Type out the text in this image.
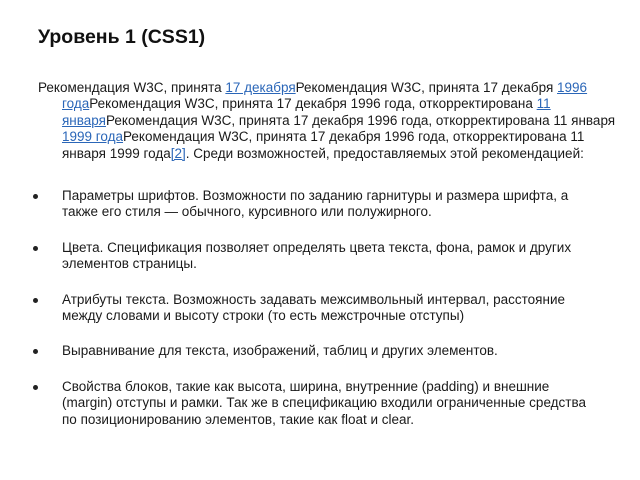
Уровень 1 (CSS1)

Рекомендация W3C, принята 17 декабряРекомендация W3C, принята 17 декабря 1996 годаРекомендация W3C, принята 17 декабря 1996 года, откорректирована 11 январяРекомендация W3C, принята 17 декабря 1996 года, откорректирована 11 января 1999 годаРекомендация W3C, принята 17 декабря 1996 года, откорректирована 11 января 1999 года[2]. Среди возможностей, предоставляемых этой рекомендацией:

Параметры шрифтов. Возможности по заданию гарнитуры и размера шрифта, а также его стиля — обычного, курсивного или полужирного.
Цвета. Спецификация позволяет определять цвета текста, фона, рамок и других элементов страницы.
Атрибуты текста. Возможность задавать межсимвольный интервал, расстояние между словами и высоту строки (то есть межстрочные отступы)
Выравнивание для текста, изображений, таблиц и других элементов.
Свойства блоков, такие как высота, ширина, внутренние (padding) и внешние (margin) отступы и рамки. Так же в спецификацию входили ограниченные средства по позиционированию элементов, такие как float и clear.
